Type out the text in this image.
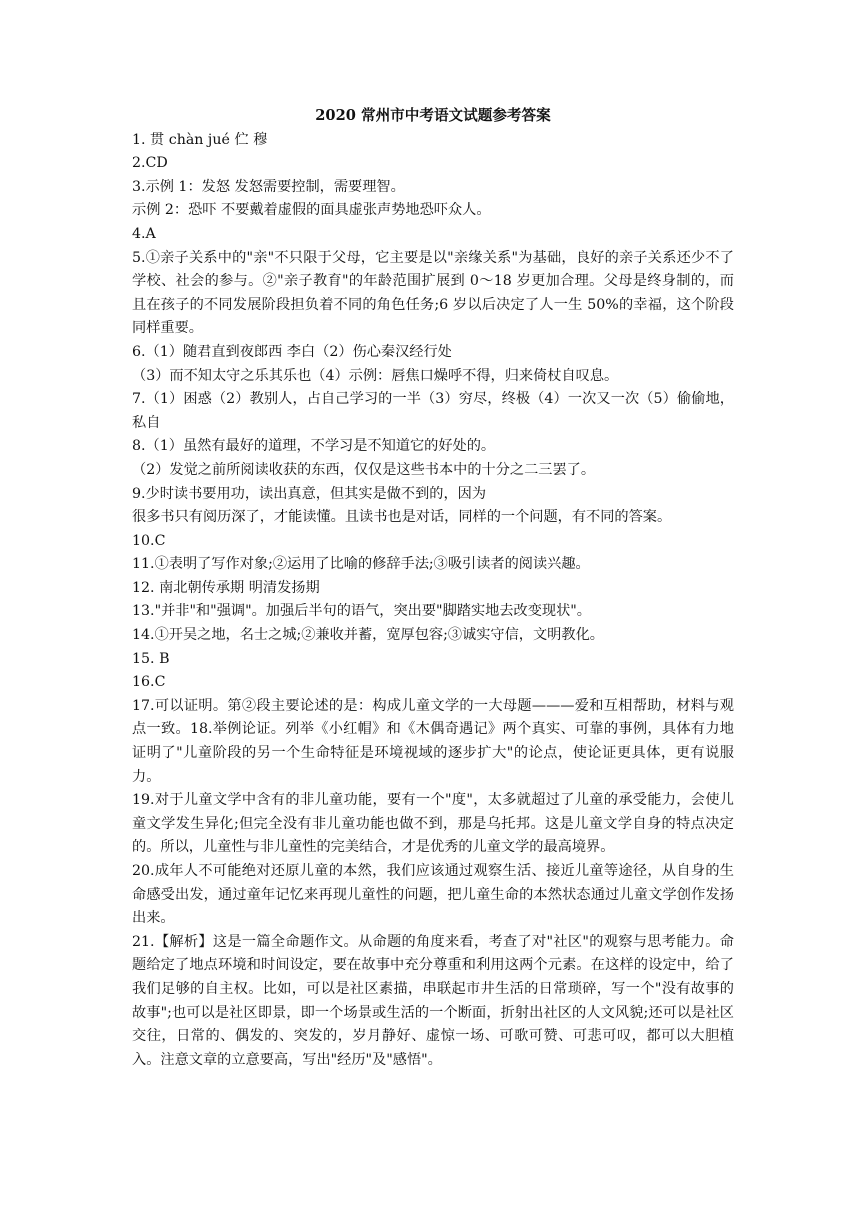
2020 常州市中考语文试题参考答案
1. 贯 chàn jué 伫 穆
2.CD
3.示例 1：发怒 发怒需要控制，需要理智。
示例 2：恐吓 不要戴着虚假的面具虚张声势地恐吓众人。
4.A
5.①亲子关系中的"亲"不只限于父母，它主要是以"亲缘关系"为基础，良好的亲子关系还少不了学校、社会的参与。②"亲子教育"的年龄范围扩展到 0～18 岁更加合理。父母是终身制的，而且在孩子的不同发展阶段担负着不同的角色任务;6 岁以后决定了人一生 50%的幸福，这个阶段同样重要。
6.（1）随君直到夜郎西 李白（2）伤心秦汉经行处
（3）而不知太守之乐其乐也（4）示例：唇焦口燥呼不得，归来倚杖自叹息。
7.（1）困惑（2）教别人，占自己学习的一半（3）穷尽，终极（4）一次又一次（5）偷偷地，私自
8.（1）虽然有最好的道理，不学习是不知道它的好处的。
（2）发觉之前所阅读收获的东西，仅仅是这些书本中的十分之二三罢了。
9.少时读书要用功，读出真意，但其实是做不到的，因为
很多书只有阅历深了，才能读懂。且读书也是对话，同样的一个问题，有不同的答案。
10.C
11.①表明了写作对象;②运用了比喻的修辞手法;③吸引读者的阅读兴趣。
12. 南北朝传承期 明清发扬期
13."并非"和"强调"。加强后半句的语气，突出要"脚踏实地去改变现状"。
14.①开吴之地，名士之城;②兼收并蓄，宽厚包容;③诚实守信，文明教化。
15. B
16.C
17.可以证明。第②段主要论述的是：构成儿童文学的一大母题———爱和互相帮助，材料与观点一致。18.举例论证。列举《小红帽》和《木偶奇遇记》两个真实、可靠的事例，具体有力地证明了"儿童阶段的另一个生命特征是环境视域的逐步扩大"的论点，使论证更具体，更有说服力。
19.对于儿童文学中含有的非儿童功能，要有一个"度"，太多就超过了儿童的承受能力，会使儿童文学发生异化;但完全没有非儿童功能也做不到，那是乌托邦。这是儿童文学自身的特点决定的。所以，儿童性与非儿童性的完美结合，才是优秀的儿童文学的最高境界。
20.成年人不可能绝对还原儿童的本然，我们应该通过观察生活、接近儿童等途径，从自身的生命感受出发，通过童年记忆来再现儿童性的问题，把儿童生命的本然状态通过儿童文学创作发扬出来。
21.【解析】这是一篇全命题作文。从命题的角度来看，考查了对"社区"的观察与思考能力。命题给定了地点环境和时间设定，要在故事中充分尊重和利用这两个元素。在这样的设定中，给了我们足够的自主权。比如，可以是社区素描，串联起市井生活的日常琐碎，写一个"没有故事的故事";也可以是社区即景，即一个场景或生活的一个断面，折射出社区的人文风貌;还可以是社区交往，日常的、偶发的、突发的，岁月静好、虚惊一场、可歌可赞、可悲可叹，都可以大胆植入。注意文章的立意要高，写出"经历"及"感悟"。
